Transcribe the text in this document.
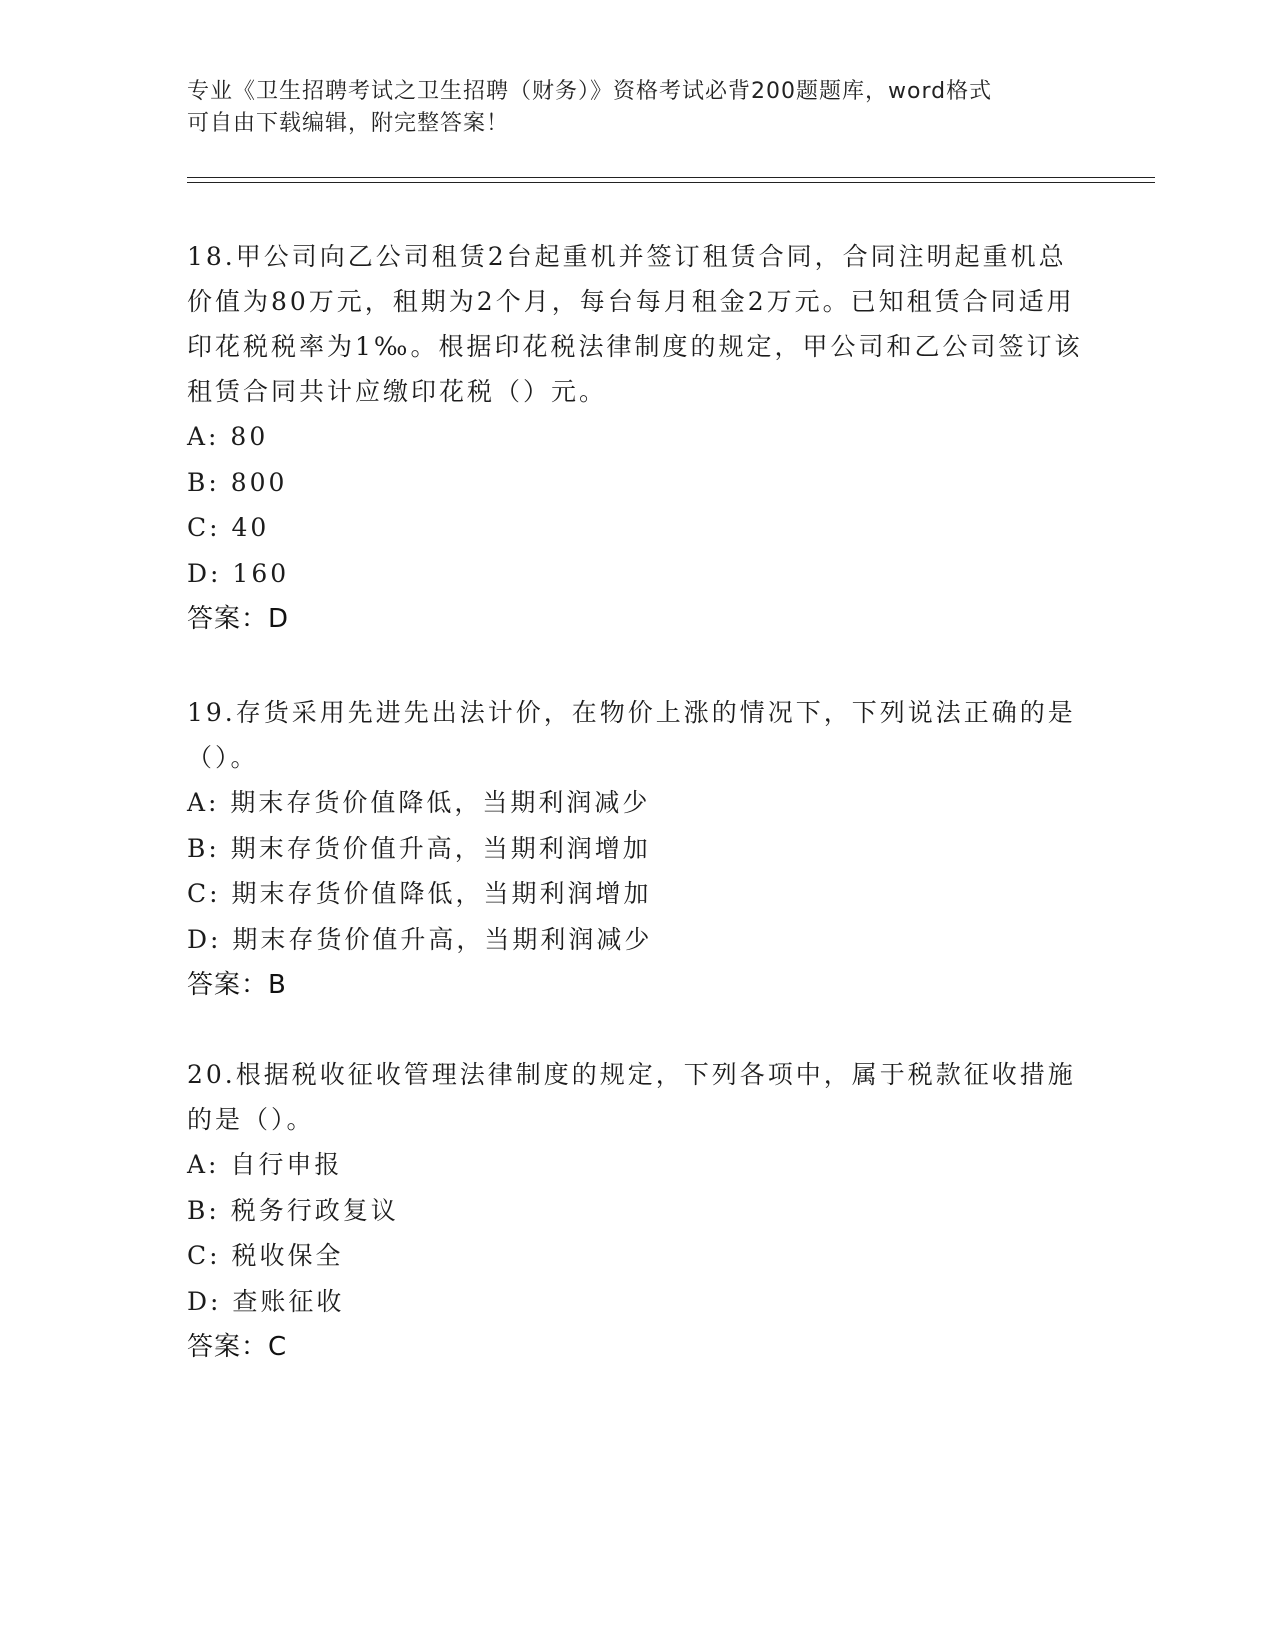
专业《卫生招聘考试之卫生招聘（财务）》资格考试必背200题题库，word格式
可自由下载编辑，附完整答案！

18.甲公司向乙公司租赁2台起重机并签订租赁合同，合同注明起重机总价值为80万元，租期为2个月，每台每月租金2万元。已知租赁合同适用印花税税率为1‰。根据印花税法律制度的规定，甲公司和乙公司签订该租赁合同共计应缴印花税（）元。

A: 80
B: 800
C: 40
D: 160
答案：D

19.存货采用先进先出法计价，在物价上涨的情况下，下列说法正确的是（）。

A: 期末存货价值降低，当期利润减少
B: 期末存货价值升高，当期利润增加
C: 期末存货价值降低，当期利润增加
D: 期末存货价值升高，当期利润减少
答案：B

20.根据税收征收管理法律制度的规定，下列各项中，属于税款征收措施的是（）。

A: 自行申报
B: 税务行政复议
C: 税收保全
D: 查账征收
答案：C
